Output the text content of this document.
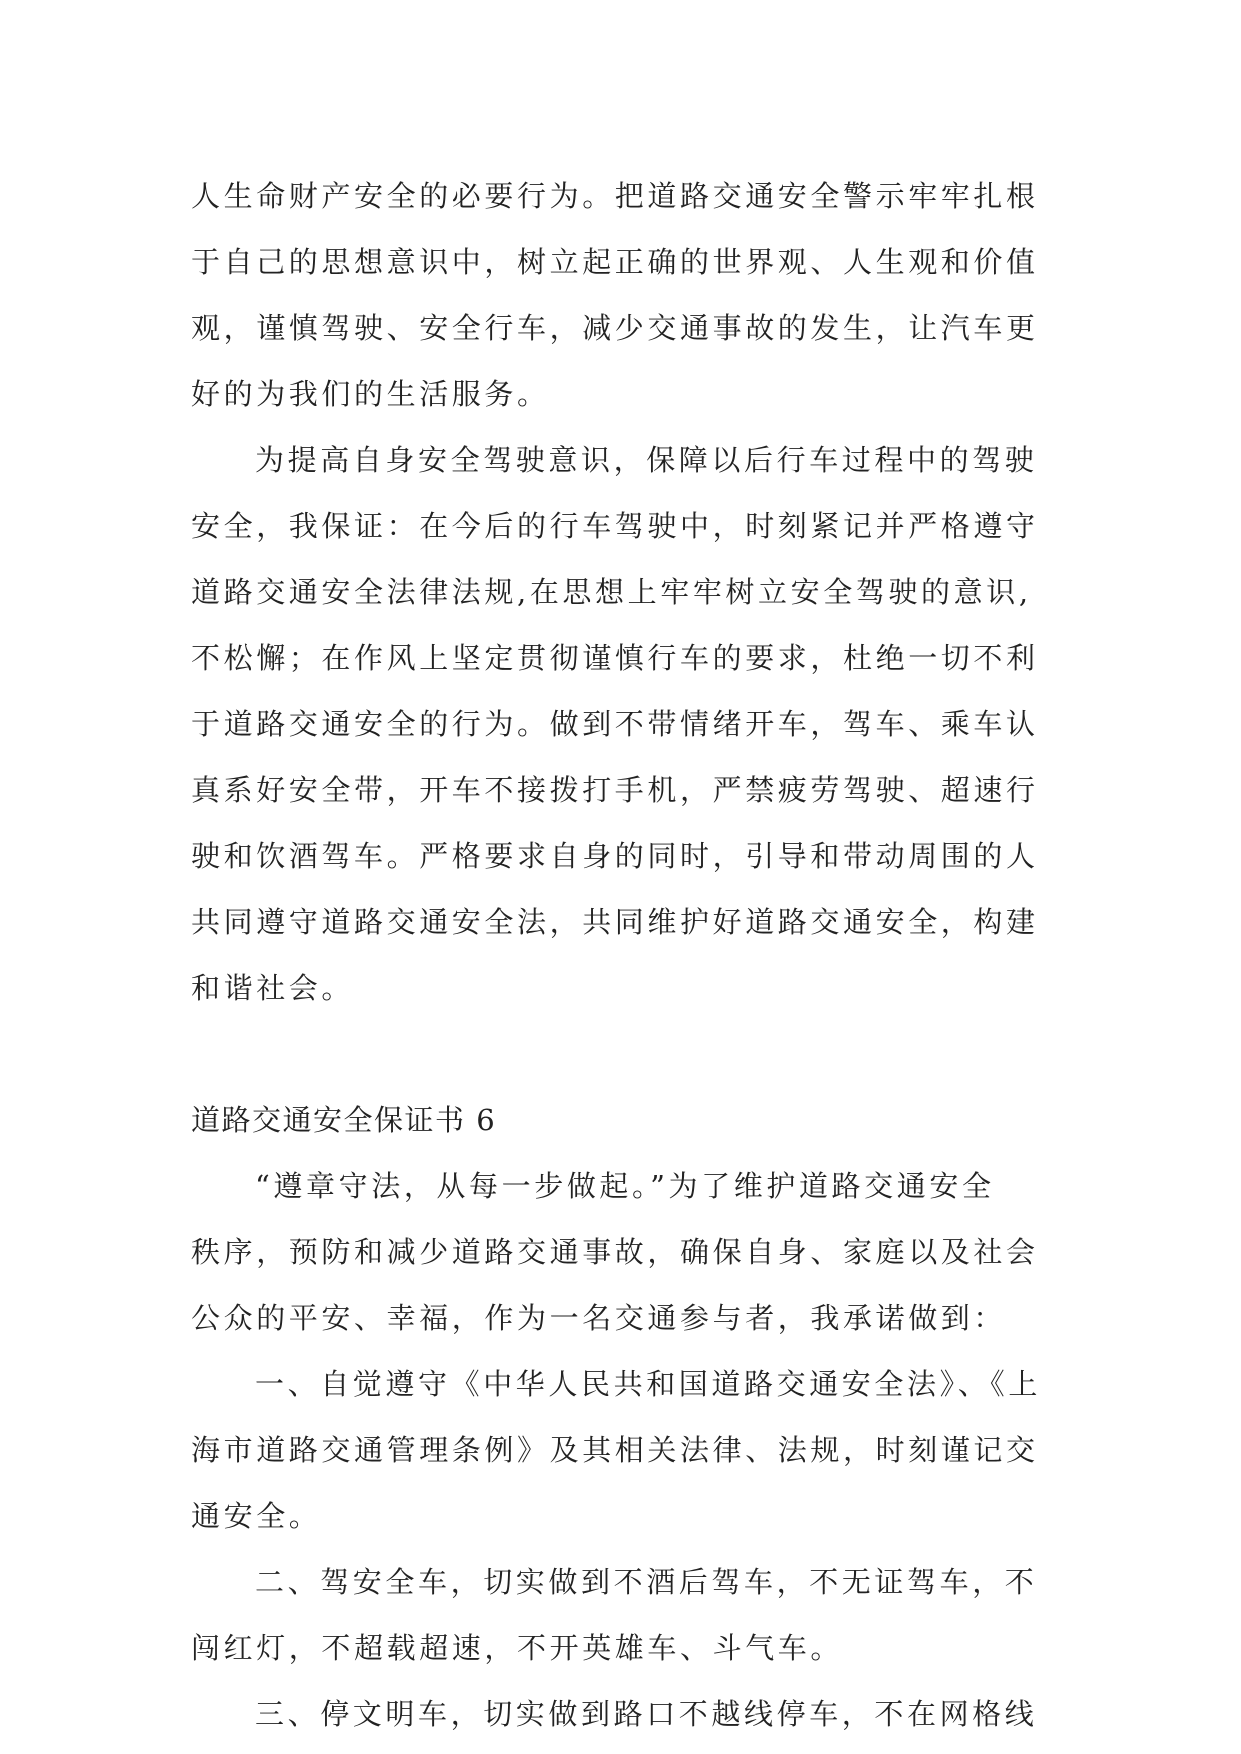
人生命财产安全的必要行为。把道路交通安全警示牢牢扎根
于自己的思想意识中，树立起正确的世界观、人生观和价值
观，谨慎驾驶、安全行车，减少交通事故的发生，让汽车更
好的为我们的生活服务。
为提高自身安全驾驶意识，保障以后行车过程中的驾驶
安全，我保证：在今后的行车驾驶中，时刻紧记并严格遵守
道路交通安全法律法规,在思想上牢牢树立安全驾驶的意识,
不松懈；在作风上坚定贯彻谨慎行车的要求，杜绝一切不利
于道路交通安全的行为。做到不带情绪开车，驾车、乘车认
真系好安全带，开车不接拨打手机，严禁疲劳驾驶、超速行
驶和饮酒驾车。严格要求自身的同时，引导和带动周围的人
共同遵守道路交通安全法，共同维护好道路交通安全，构建
和谐社会。
道路交通安全保证书 6
“遵章守法，从每一步做起。”为了维护道路交通安全
秩序，预防和减少道路交通事故，确保自身、家庭以及社会
公众的平安、幸福，作为一名交通参与者，我承诺做到：
一、自觉遵守《中华人民共和国道路交通安全法》、《上
海市道路交通管理条例》及其相关法律、法规，时刻谨记交
通安全。
二、驾安全车，切实做到不酒后驾车，不无证驾车，不
闯红灯，不超载超速，不开英雄车、斗气车。
三、停文明车，切实做到路口不越线停车，不在网格线
